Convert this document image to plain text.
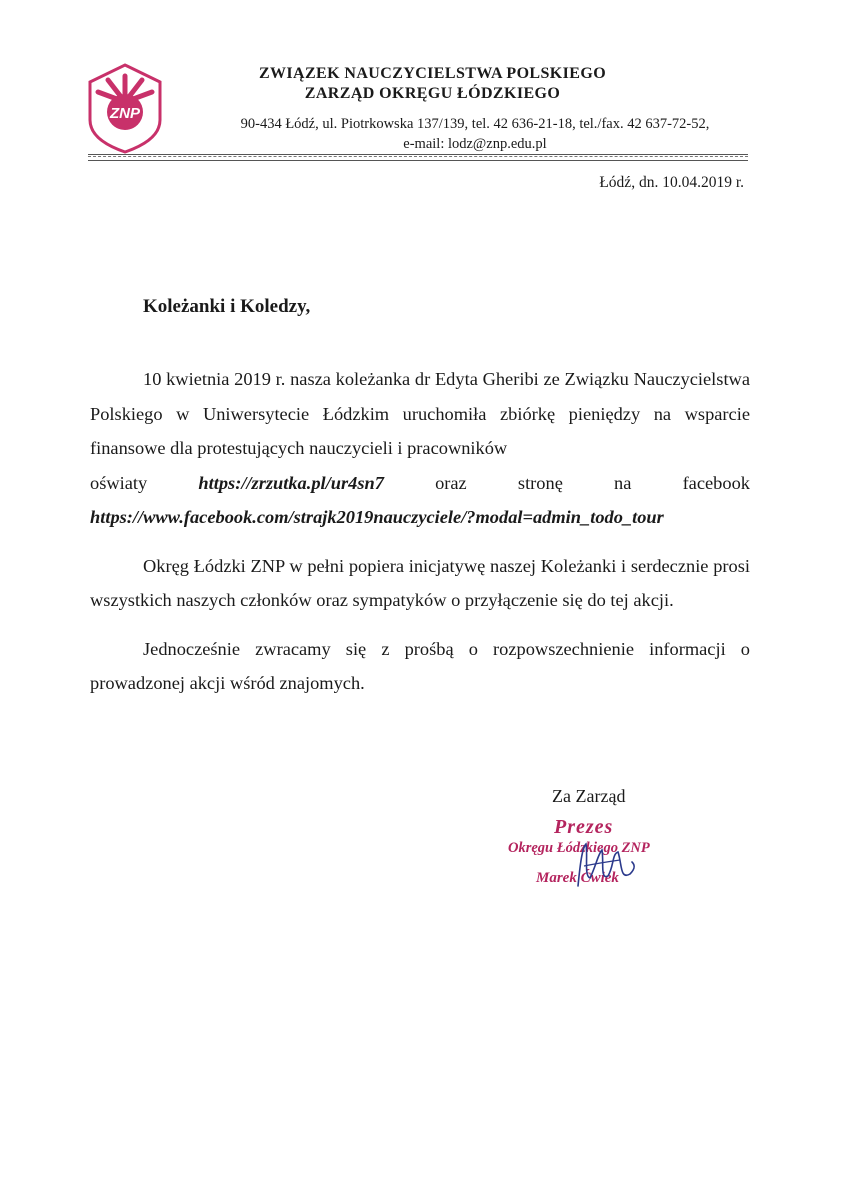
ZNP
ZWIĄZEK NAUCZYCIELSTWA POLSKIEGO
ZARZĄD OKRĘGU ŁÓDZKIEGO
90-434 Łódź, ul. Piotrkowska 137/139, tel. 42 636-21-18, tel./fax. 42 637-72-52,
e-mail: lodz@znp.edu.pl
Łódź, dn. 10.04.2019 r.
Koleżanki i Koledzy,

10 kwietnia 2019 r. nasza koleżanka dr Edyta Gheribi ze Związku Nauczycielstwa Polskiego w Uniwersytecie Łódzkim uruchomiła zbiórkę pieniędzy na wsparcie finansowe dla protestujących nauczycieli i pracowników
oświaty	https://zrzutka.pl/ur4sn7	oraz	stronę	na	facebook
https://www.facebook.com/strajk2019nauczyciele/?modal=admin_todo_tour

Okręg Łódzki ZNP w pełni popiera inicjatywę naszej Koleżanki i serdecznie prosi wszystkich naszych członków oraz sympatyków o przyłączenie się do tej akcji.

Jednocześnie zwracamy się z prośbą o rozpowszechnienie informacji o prowadzonej akcji wśród znajomych.

Za Zarząd
Prezes
Okręgu Łódzkiego ZNP
Marek Ćwiek
